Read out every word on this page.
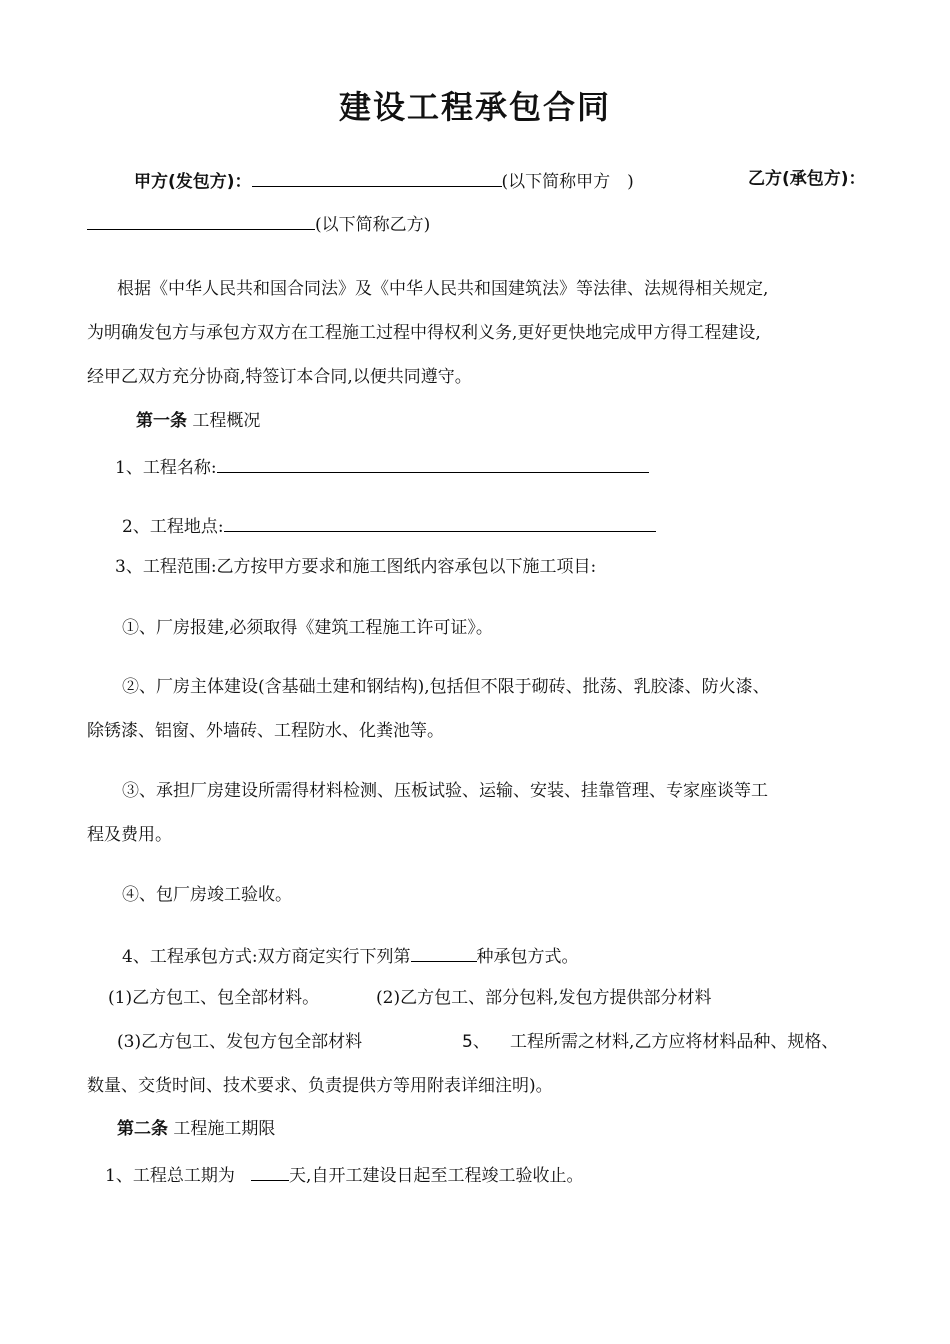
建设工程承包合同
甲方(发包方)：	(以下简称甲方　)	乙方(承包方)：
(以下简称乙方)
根据《中华人民共和国合同法》及《中华人民共和国建筑法》等法律、法规得相关规定,
为明确发包方与承包方双方在工程施工过程中得权利义务,更好更快地完成甲方得工程建设,
经甲乙双方充分协商,特签订本合同,以便共同遵守。
第一条 工程概况
1、工程名称:
2、工程地点:
3、工程范围:乙方按甲方要求和施工图纸内容承包以下施工项目:
①、厂房报建,必须取得《建筑工程施工许可证》。
②、厂房主体建设(含基础土建和钢结构),包括但不限于砌砖、批荡、乳胶漆、防火漆、
除锈漆、铝窗、外墙砖、工程防水、化粪池等。
③、承担厂房建设所需得材料检测、压板试验、运输、安装、挂靠管理、专家座谈等工
程及费用。
④、包厂房竣工验收。
4、工程承包方式:双方商定实行下列第	种承包方式。
(1)乙方包工、包全部材料。	(2)乙方包工、部分包料,发包方提供部分材料
(3)乙方包工、发包方包全部材料	5、 工程所需之材料,乙方应将材料品种、规格、
数量、交货时间、技术要求、负责提供方等用附表详细注明)。
第二条 工程施工期限
1、工程总工期为	天,自开工建设日起至工程竣工验收止。
